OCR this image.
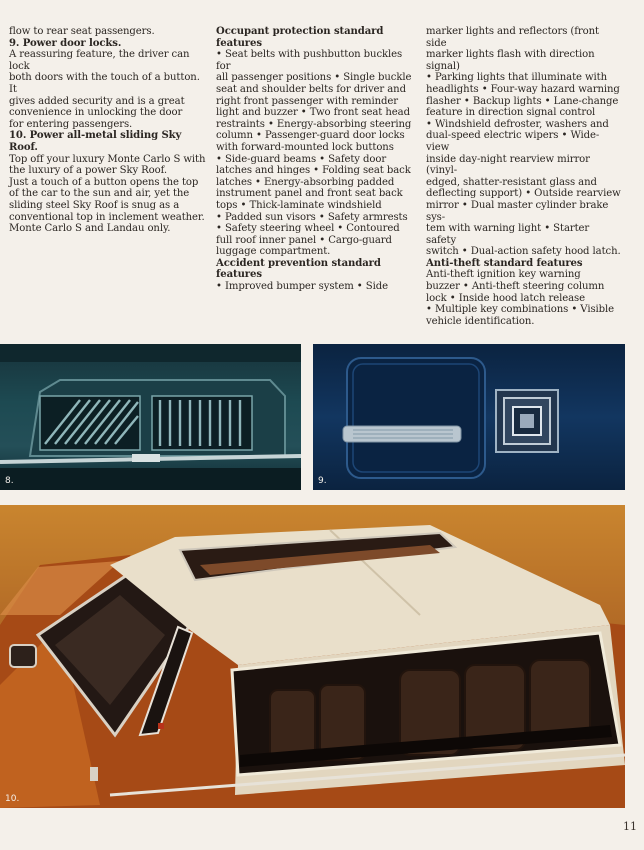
flow to rear seat passengers.

9. Power door locks.

A reassuring feature, the driver can lock

both doors with the touch of a button. It

gives added security and is a great

convenience in unlocking the door

for entering passengers.

10. Power all-metal sliding Sky Roof.

Top off your luxury Monte Carlo S with

the luxury of a power Sky Roof.

Just a touch of a button opens the top

of the car to the sun and air, yet the

sliding steel Sky Roof is snug as a

conventional top in inclement weather.

Monte Carlo S and Landau only.

Occupant protection standard features

• Seat belts with pushbutton buckles for

all passenger positions • Single buckle

seat and shoulder belts for driver and

right front passenger with reminder

light and buzzer • Two front seat head

restraints • Energy-absorbing steering

column • Passenger-guard door locks

with forward-mounted lock buttons

• Side-guard beams • Safety door

latches and hinges • Folding seat back

latches • Energy-absorbing padded

instrument panel and front seat back

tops • Thick-laminate windshield

• Padded sun visors • Safety armrests

• Safety steering wheel • Contoured

full roof inner panel • Cargo-guard

luggage compartment.

Accident prevention standard features

• Improved bumper system • Side

marker lights and reflectors (front side

marker lights flash with direction signal)

• Parking lights that illuminate with

headlights • Four-way hazard warning

flasher • Backup lights • Lane-change

feature in direction signal control

• Windshield defroster, washers and

dual-speed electric wipers • Wide-view

inside day-night rearview mirror (vinyl-

edged, shatter-resistant glass and

deflecting support) • Outside rearview

mirror • Dual master cylinder brake sys-

tem with warning light • Starter safety

switch • Dual-action safety hood latch.

Anti-theft standard features

Anti-theft ignition key warning

buzzer • Anti-theft steering column

lock • Inside hood latch release

• Multiple key combinations • Visible

vehicle identification.

8.	9.
10.
11
